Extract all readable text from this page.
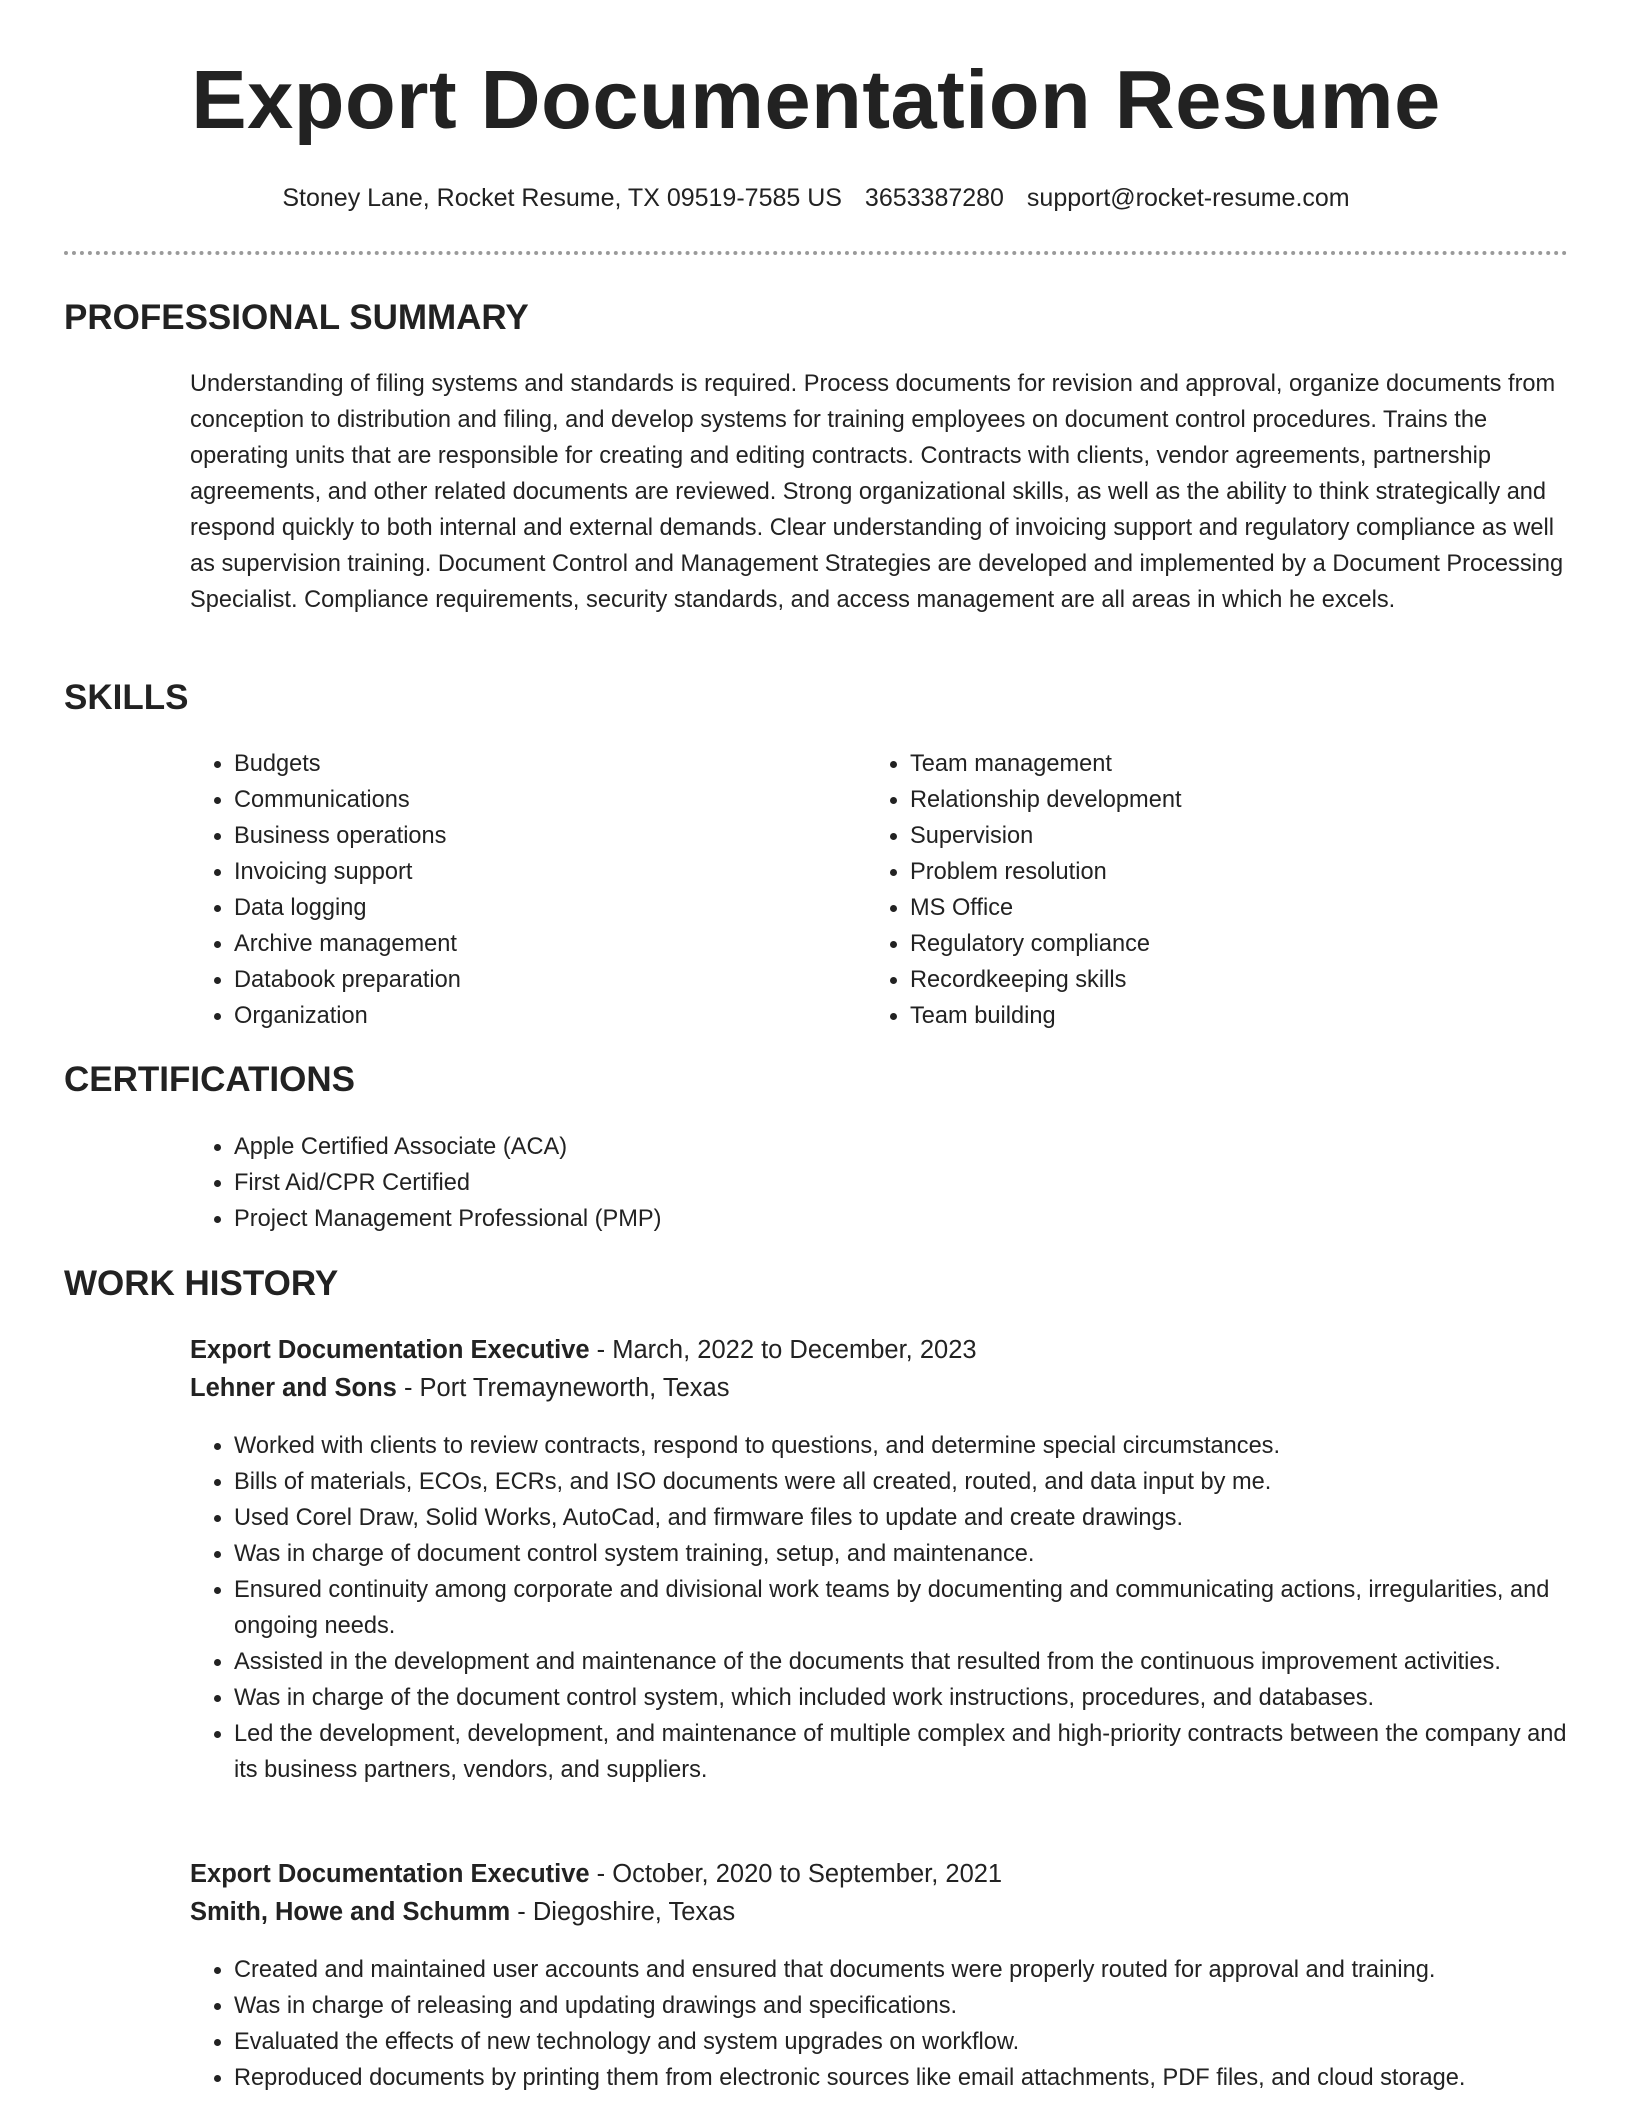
Export Documentation Resume
Stoney Lane, Rocket Resume, TX 09519-7585 US 3653387280 support@rocket-resume.com
PROFESSIONAL SUMMARY

Understanding of filing systems and standards is required. Process documents for revision and approval, organize documents from conception to distribution and filing, and develop systems for training employees on document control procedures. Trains the operating units that are responsible for creating and editing contracts. Contracts with clients, vendor agreements, partnership agreements, and other related documents are reviewed. Strong organizational skills, as well as the ability to think strategically and respond quickly to both internal and external demands. Clear understanding of invoicing support and regulatory compliance as well as supervision training. Document Control and Management Strategies are developed and implemented by a Document Processing Specialist. Compliance requirements, security standards, and access management are all areas in which he excels.

SKILLS
• Budgets
• Communications
• Business operations
• Invoicing support
• Data logging
• Archive management
• Databook preparation
• Organization
• Team management
• Relationship development
• Supervision
• Problem resolution
• MS Office
• Regulatory compliance
• Recordkeeping skills
• Team building
CERTIFICATIONS
• Apple Certified Associate (ACA)
• First Aid/CPR Certified
• Project Management Professional (PMP)
WORK HISTORY
Export Documentation Executive - March, 2022 to December, 2023
Lehner and Sons - Port Tremayneworth, Texas
• Worked with clients to review contracts, respond to questions, and determine special circumstances.
• Bills of materials, ECOs, ECRs, and ISO documents were all created, routed, and data input by me.
• Used Corel Draw, Solid Works, AutoCad, and firmware files to update and create drawings.
• Was in charge of document control system training, setup, and maintenance.
• Ensured continuity among corporate and divisional work teams by documenting and communicating actions, irregularities, and ongoing needs.
• Assisted in the development and maintenance of the documents that resulted from the continuous improvement activities.
• Was in charge of the document control system, which included work instructions, procedures, and databases.
• Led the development, development, and maintenance of multiple complex and high-priority contracts between the company and its business partners, vendors, and suppliers.
Export Documentation Executive - October, 2020 to September, 2021
Smith, Howe and Schumm - Diegoshire, Texas
• Created and maintained user accounts and ensured that documents were properly routed for approval and training.
• Was in charge of releasing and updating drawings and specifications.
• Evaluated the effects of new technology and system upgrades on workflow.
• Reproduced documents by printing them from electronic sources like email attachments, PDF files, and cloud storage.
